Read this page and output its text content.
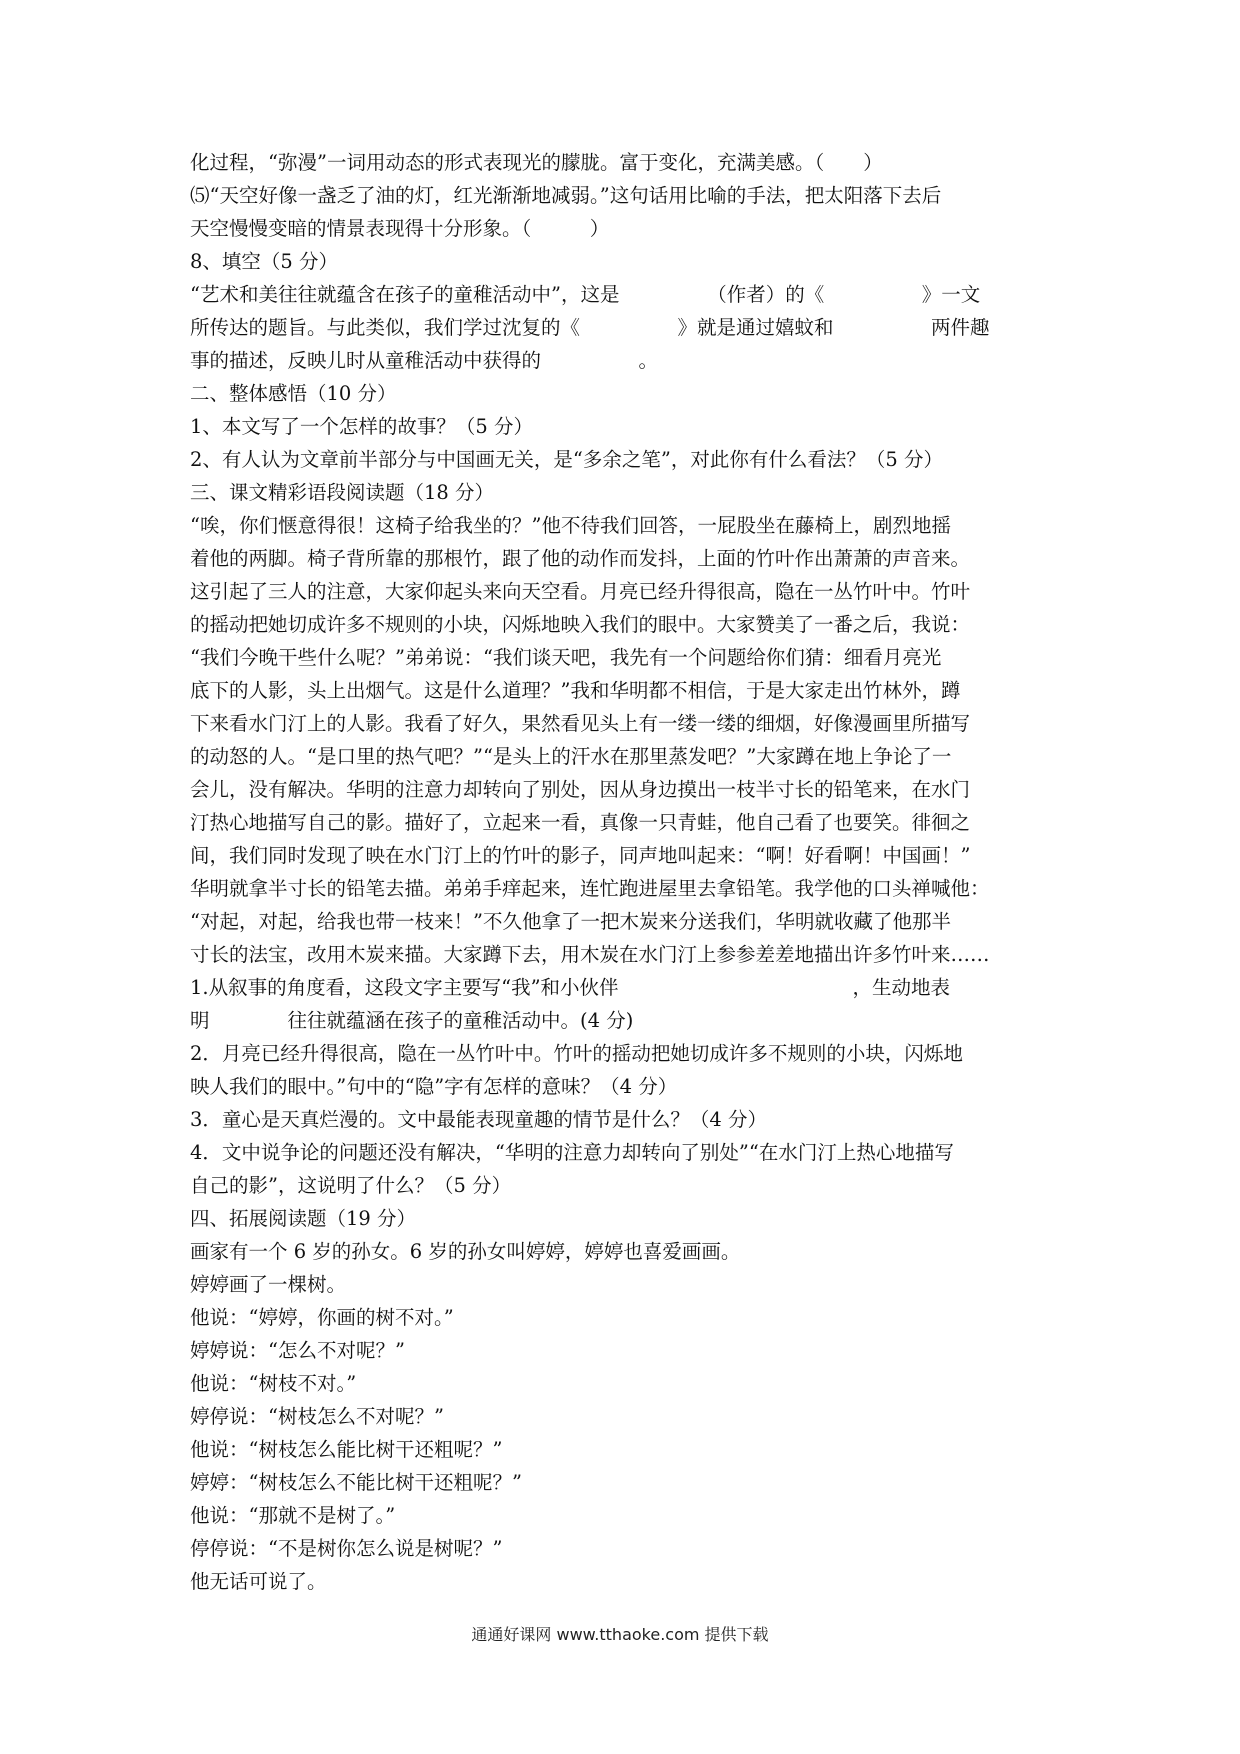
化过程，“弥漫”一词用动态的形式表现光的朦胧。富于变化，充满美感。（　　）
⑸“天空好像一盏乏了油的灯，红光渐渐地减弱。”这句话用比喻的手法，把太阳落下去后
天空慢慢变暗的情景表现得十分形象。（　　　）
8、填空（5 分）
“艺术和美往往就蕴含在孩子的童稚活动中”，这是　　　　　（作者）的《　　　　　》一文
所传达的题旨。与此类似，我们学过沈复的《　　　　　》就是通过嬉蚊和　　　　　两件趣
事的描述，反映儿时从童稚活动中获得的　　　　　。
二、整体感悟（10 分）
1、本文写了一个怎样的故事？（5 分）
2、有人认为文章前半部分与中国画无关，是“多余之笔”，对此你有什么看法？（5 分）
三、课文精彩语段阅读题（18 分）
“唉，你们惬意得很！这椅子给我坐的？”他不待我们回答，一屁股坐在藤椅上，剧烈地摇
着他的两脚。椅子背所靠的那根竹，跟了他的动作而发抖，上面的竹叶作出萧萧的声音来。
这引起了三人的注意，大家仰起头来向天空看。月亮已经升得很高，隐在一丛竹叶中。竹叶
的摇动把她切成许多不规则的小块，闪烁地映入我们的眼中。大家赞美了一番之后，我说：
“我们今晚干些什么呢？”弟弟说：“我们谈天吧，我先有一个问题给你们猜：细看月亮光
底下的人影，头上出烟气。这是什么道理？”我和华明都不相信，于是大家走出竹林外，蹲
下来看水门汀上的人影。我看了好久，果然看见头上有一缕一缕的细烟，好像漫画里所描写
的动怒的人。“是口里的热气吧？”“是头上的汗水在那里蒸发吧？”大家蹲在地上争论了一
会儿，没有解决。华明的注意力却转向了别处，因从身边摸出一枝半寸长的铅笔来，在水门
汀热心地描写自己的影。描好了，立起来一看，真像一只青蛙，他自己看了也要笑。徘徊之
间，我们同时发现了映在水门汀上的竹叶的影子，同声地叫起来：“啊！好看啊！中国画！”
华明就拿半寸长的铅笔去描。弟弟手痒起来，连忙跑进屋里去拿铅笔。我学他的口头禅喊他：
“对起，对起，给我也带一枝来！”不久他拿了一把木炭来分送我们，华明就收藏了他那半
寸长的法宝，改用木炭来描。大家蹲下去，用木炭在水门汀上参参差差地描出许多竹叶来……
1.从叙事的角度看，这段文字主要写“我”和小伙伴　　　　　　　　　　　　，生动地表
明　　　　往往就蕴涵在孩子的童稚活动中。(4 分)
2．月亮已经升得很高，隐在一丛竹叶中。竹叶的摇动把她切成许多不规则的小块，闪烁地
映人我们的眼中。”句中的“隐”字有怎样的意味？（4 分）
3．童心是天真烂漫的。文中最能表现童趣的情节是什么？（4 分）
4．文中说争论的问题还没有解决，“华明的注意力却转向了别处”“在水门汀上热心地描写
自己的影”，这说明了什么？（5 分）
四、拓展阅读题（19 分）
画家有一个 6 岁的孙女。6 岁的孙女叫婷婷，婷婷也喜爱画画。
婷婷画了一棵树。
他说：“婷婷，你画的树不对。”
婷婷说：“怎么不对呢？”
他说：“树枝不对。”
婷停说：“树枝怎么不对呢？”
他说：“树枝怎么能比树干还粗呢？”
婷婷：“树枝怎么不能比树干还粗呢？”
他说：“那就不是树了。”
停停说：“不是树你怎么说是树呢？”
他无话可说了。
通通好课网 www.tthaoke.com 提供下载
